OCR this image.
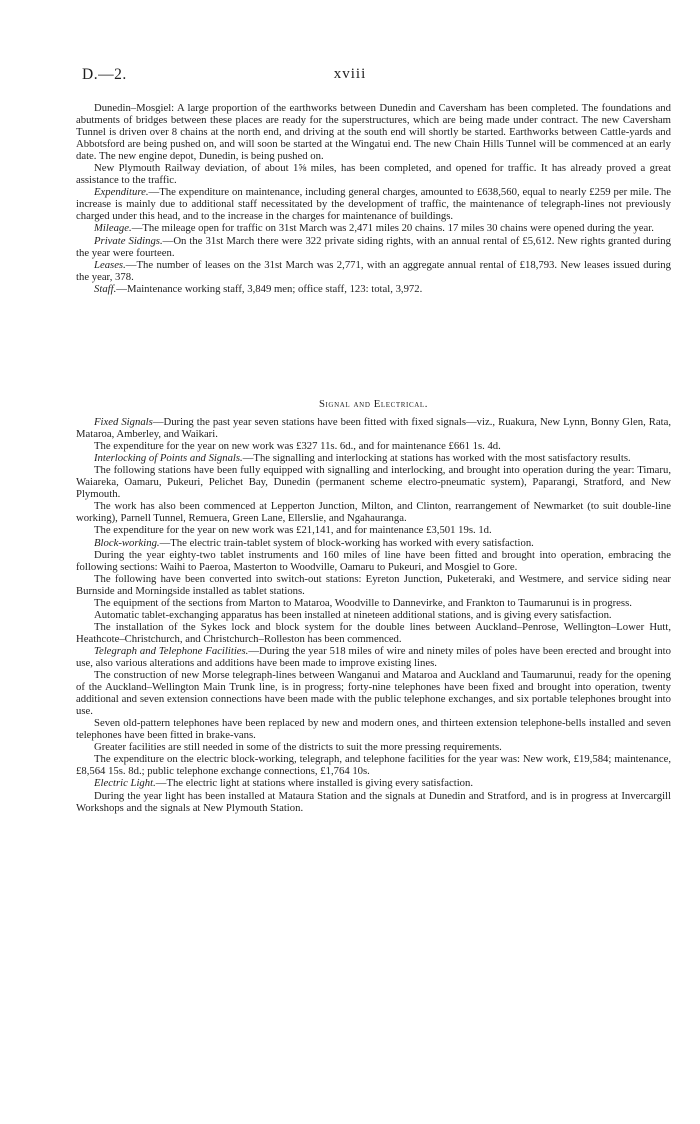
D.—2.	xviii

Dunedin–Mosgiel: A large proportion of the earthworks between Dunedin and Caversham has been completed. The foundations and abutments of bridges between these places are ready for the superstructures, which are being made under contract. The new Caversham Tunnel is driven over 8 chains at the north end, and driving at the south end will shortly be started. Earthworks between Cattle-yards and Abbotsford are being pushed on, and will soon be started at the Wingatui end. The new Chain Hills Tunnel will be commenced at an early date. The new engine depot, Dunedin, is being pushed on.

New Plymouth Railway deviation, of about 1⅝ miles, has been completed, and opened for traffic. It has already proved a great assistance to the traffic.

Expenditure.—The expenditure on maintenance, including general charges, amounted to £638,560, equal to nearly £259 per mile. The increase is mainly due to additional staff necessitated by the development of traffic, the maintenance of telegraph-lines not previously charged under this head, and to the increase in the charges for maintenance of buildings.

Mileage.—The mileage open for traffic on 31st March was 2,471 miles 20 chains. 17 miles 30 chains were opened during the year.

Private Sidings.—On the 31st March there were 322 private siding rights, with an annual rental of £5,612. New rights granted during the year were fourteen.

Leases.—The number of leases on the 31st March was 2,771, with an aggregate annual rental of £18,793. New leases issued during the year, 378.

Staff.—Maintenance working staff, 3,849 men; office staff, 123: total, 3,972.

Signal and Electrical.

Fixed Signals—During the past year seven stations have been fitted with fixed signals—viz., Ruakura, New Lynn, Bonny Glen, Rata, Mataroa, Amberley, and Waikari.

The expenditure for the year on new work was £327 11s. 6d., and for maintenance £661 1s. 4d.

Interlocking of Points and Signals.—The signalling and interlocking at stations has worked with the most satisfactory results.

The following stations have been fully equipped with signalling and interlocking, and brought into operation during the year: Timaru, Waiareka, Oamaru, Pukeuri, Pelichet Bay, Dunedin (permanent scheme electro-pneumatic system), Paparangi, Stratford, and New Plymouth.

The work has also been commenced at Lepperton Junction, Milton, and Clinton, rearrangement of Newmarket (to suit double-line working), Parnell Tunnel, Remuera, Green Lane, Ellerslie, and Ngahauranga.

The expenditure for the year on new work was £21,141, and for maintenance £3,501 19s. 1d.

Block-working.—The electric train-tablet system of block-working has worked with every satisfaction.

During the year eighty-two tablet instruments and 160 miles of line have been fitted and brought into operation, embracing the following sections: Waihi to Paeroa, Masterton to Woodville, Oamaru to Pukeuri, and Mosgiel to Gore.

The following have been converted into switch-out stations: Eyreton Junction, Puketeraki, and Westmere, and service siding near Burnside and Morningside installed as tablet stations.

The equipment of the sections from Marton to Mataroa, Woodville to Dannevirke, and Frankton to Taumarunui is in progress.

Automatic tablet-exchanging apparatus has been installed at nineteen additional stations, and is giving every satisfaction.

The installation of the Sykes lock and block system for the double lines between Auckland–Penrose, Wellington–Lower Hutt, Heathcote–Christchurch, and Christchurch–Rolleston has been commenced.

Telegraph and Telephone Facilities.—During the year 518 miles of wire and ninety miles of poles have been erected and brought into use, also various alterations and additions have been made to improve existing lines.

The construction of new Morse telegraph-lines between Wanganui and Mataroa and Auckland and Taumarunui, ready for the opening of the Auckland–Wellington Main Trunk line, is in progress; forty-nine telephones have been fixed and brought into operation, twenty additional and seven extension connections have been made with the public telephone exchanges, and six portable telephones brought into use.

Seven old-pattern telephones have been replaced by new and modern ones, and thirteen extension telephone-bells installed and seven telephones have been fitted in brake-vans.

Greater facilities are still needed in some of the districts to suit the more pressing requirements.

The expenditure on the electric block-working, telegraph, and telephone facilities for the year was: New work, £19,584; maintenance, £8,564 15s. 8d.; public telephone exchange connections, £1,764 10s.

Electric Light.—The electric light at stations where installed is giving every satisfaction.

During the year light has been installed at Mataura Station and the signals at Dunedin and Stratford, and is in progress at Invercargill Workshops and the signals at New Plymouth Station.
